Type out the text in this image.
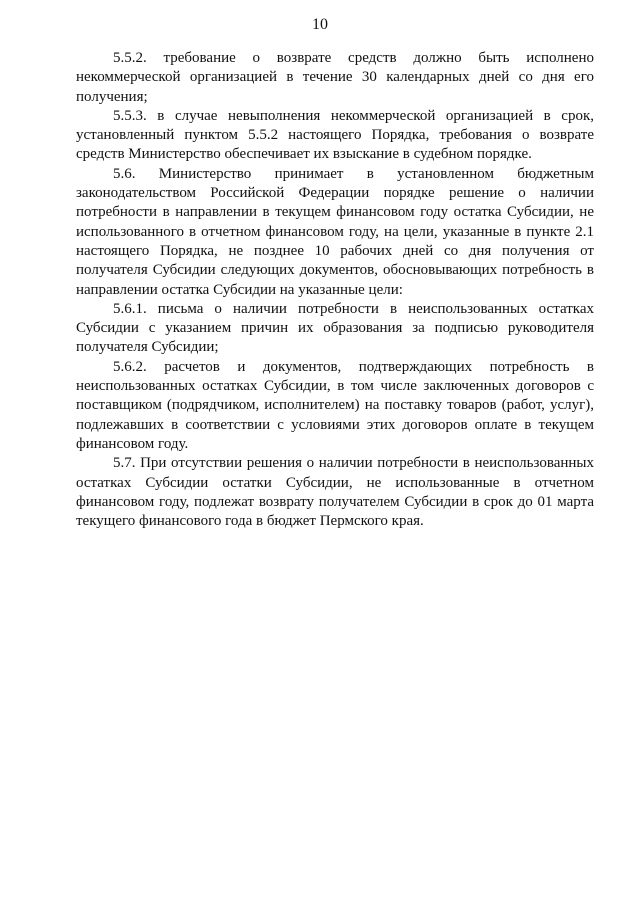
10

5.5.2. требование о возврате средств должно быть исполнено некоммерческой организацией в течение 30 календарных дней со дня его получения;

5.5.3. в случае невыполнения некоммерческой организацией в срок, установленный пунктом 5.5.2 настоящего Порядка, требования о возврате средств Министерство обеспечивает их взыскание в судебном порядке.

5.6. Министерство принимает в установленном бюджетным законодательством Российской Федерации порядке решение о наличии потребности в направлении в текущем финансовом году остатка Субсидии, не использованного в отчетном финансовом году, на цели, указанные в пункте 2.1 настоящего Порядка, не позднее 10 рабочих дней со дня получения от получателя Субсидии следующих документов, обосновывающих потребность в направлении остатка Субсидии на указанные цели:

5.6.1. письма о наличии потребности в неиспользованных остатках Субсидии с указанием причин их образования за подписью руководителя получателя Субсидии;

5.6.2. расчетов и документов, подтверждающих потребность в неиспользованных остатках Субсидии, в том числе заключенных договоров с поставщиком (подрядчиком, исполнителем) на поставку товаров (работ, услуг), подлежавших в соответствии с условиями этих договоров оплате в текущем финансовом году.

5.7. При отсутствии решения о наличии потребности в неиспользованных остатках Субсидии остатки Субсидии, не использованные в отчетном финансовом году, подлежат возврату получателем Субсидии в срок до 01 марта текущего финансового года в бюджет Пермского края.
